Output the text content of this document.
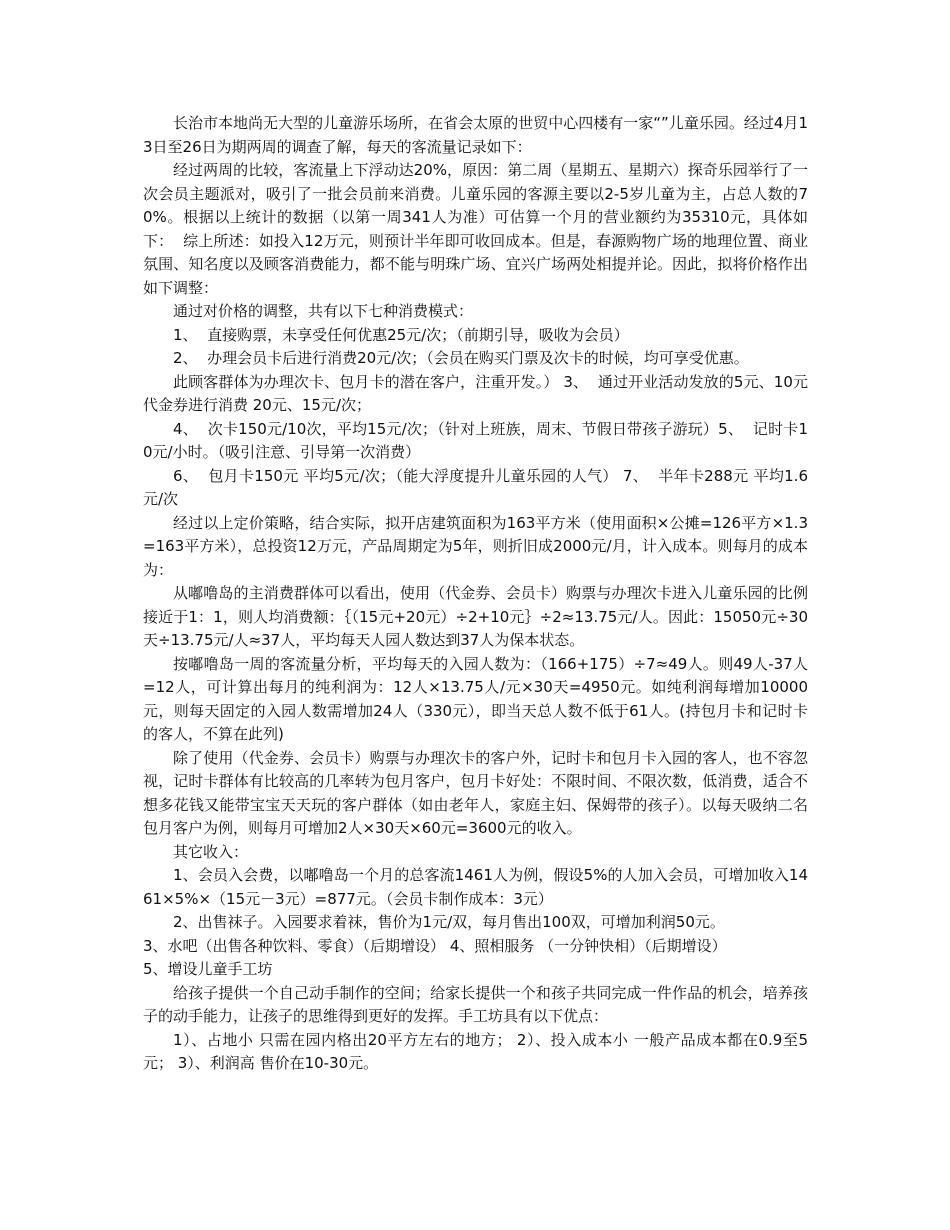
长治市本地尚无大型的儿童游乐场所，在省会太原的世贸中心四楼有一家“”儿童乐园。经过4月13日至26日为期两周的调查了解，每天的客流量记录如下：

经过两周的比较，客流量上下浮动达20%，原因：第二周（星期五、星期六）探奇乐园举行了一次会员主题派对，吸引了一批会员前来消费。儿童乐园的客源主要以2-5岁儿童为主，占总人数的70%。根据以上统计的数据（以第一周341人为准）可估算一个月的营业额约为35310元，具体如下：  综上所述：如投入12万元，则预计半年即可收回成本。但是，春源购物广场的地理位置、商业氛围、知名度以及顾客消费能力，都不能与明珠广场、宜兴广场两处相提并论。因此，拟将价格作出如下调整：

通过对价格的调整，共有以下七种消费模式：

1、  直接购票，未享受任何优惠25元/次；（前期引导，吸收为会员）

2、  办理会员卡后进行消费20元/次；（会员在购买门票及次卡的时候，均可享受优惠。

此顾客群体为办理次卡、包月卡的潜在客户，注重开发。） 3、  通过开业活动发放的5元、10元代金券进行消费 20元、15元/次；

4、  次卡150元/10次，平均15元/次；（针对上班族，周末、节假日带孩子游玩）5、  记时卡10元/小时。（吸引注意、引导第一次消费）

6、  包月卡150元 平均5元/次；（能大浮度提升儿童乐园的人气） 7、  半年卡288元 平均1.6元/次

经过以上定价策略，结合实际，拟开店建筑面积为163平方米（使用面积×公摊=126平方×1.3=163平方米），总投资12万元，产品周期定为5年，则折旧成2000元/月，计入成本。则每月的成本为：

从嘟噜岛的主消费群体可以看出，使用（代金券、会员卡）购票与办理次卡进入儿童乐园的比例接近于1：1，则人均消费额：｛（15元+20元）÷2+10元｝÷2≈13.75元/人。因此：15050元÷30天÷13.75元/人≈37人，平均每天人园人数达到37人为保本状态。

按嘟噜岛一周的客流量分析，平均每天的入园人数为：（166+175）÷7≈49人。则49人-37人=12人，可计算出每月的纯利润为：12人×13.75人/元×30天=4950元。如纯利润每增加10000元，则每天固定的入园人数需增加24人（330元），即当天总人数不低于61人。(持包月卡和记时卡的客人，不算在此列)

除了使用（代金券、会员卡）购票与办理次卡的客户外，记时卡和包月卡入园的客人，也不容忽视，记时卡群体有比较高的几率转为包月客户，包月卡好处：不限时间、不限次数，低消费，适合不想多花钱又能带宝宝天天玩的客户群体（如由老年人，家庭主妇、保姆带的孩子）。以每天吸纳二名包月客户为例，则每月可增加2人×30天×60元=3600元的收入。

其它收入：

1、会员入会费，以嘟噜岛一个月的总客流1461人为例，假设5%的人加入会员，可增加收入1461×5%×（15元－3元）=877元。（会员卡制作成本：3元）

2、出售袜子。入园要求着袜，售价为1元/双，每月售出100双，可增加利润50元。

3、水吧（出售各种饮料、零食）（后期增设） 4、照相服务 （一分钟快相）（后期增设）

5、增设儿童手工坊

给孩子提供一个自己动手制作的空间；给家长提供一个和孩子共同完成一件作品的机会，培养孩子的动手能力，让孩子的思维得到更好的发挥。手工坊具有以下优点：

1）、占地小 只需在园内格出20平方左右的地方； 2）、投入成本小 一般产品成本都在0.9至5元； 3）、利润高 售价在10-30元。
